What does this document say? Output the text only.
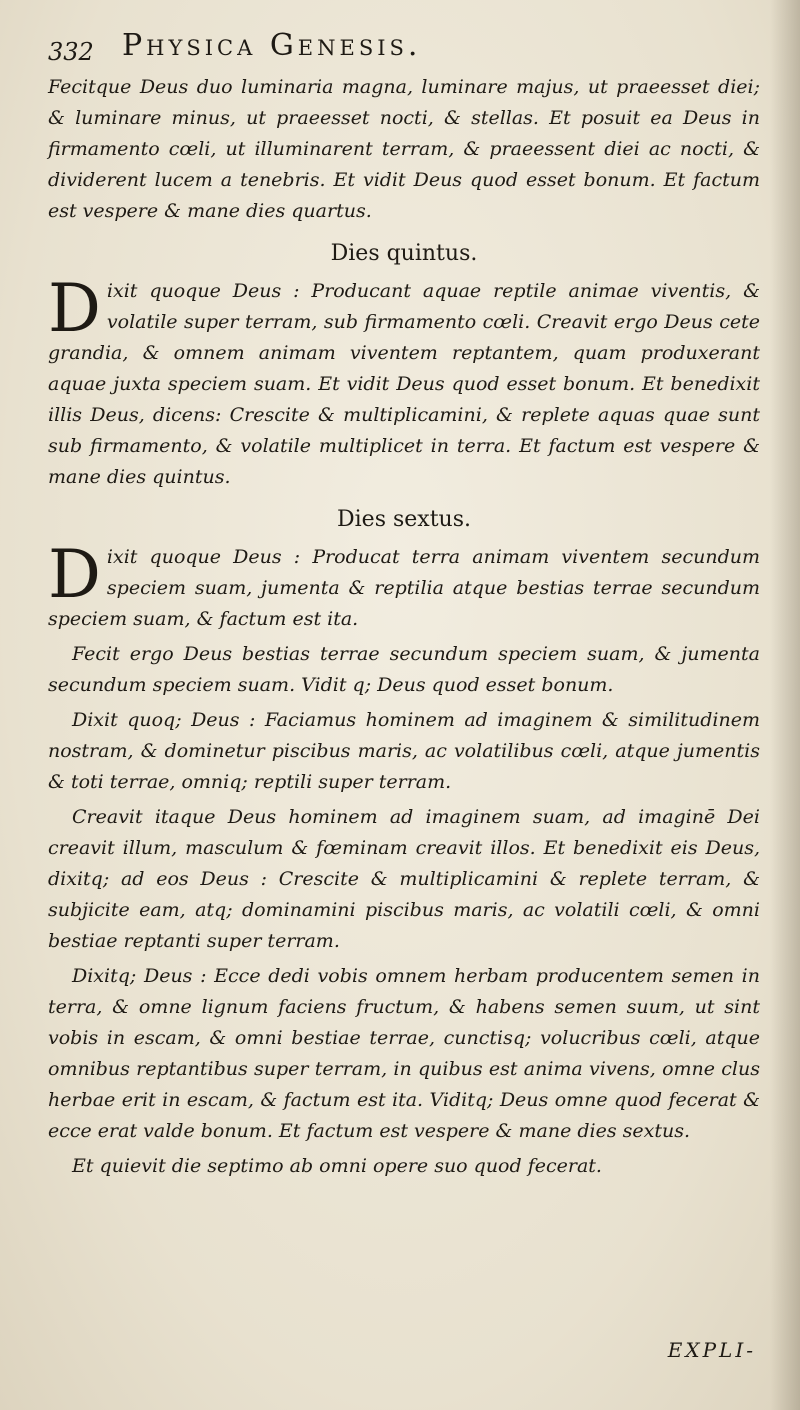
332 Physica Genesis.

Fecitque Deus duo luminaria magna, luminare majus, ut praeesset diei; & luminare minus, ut praeesset nocti, & stellas. Et posuit ea Deus in firmamento cœli, ut illuminarent terram, & praeessent diei ac nocti, & dividerent lucem a tenebris. Et vidit Deus quod esset bonum. Et factum est vespere & mane dies quartus.

Dies quintus.

Dixit quoque Deus : Producant aquae reptile animae viventis, & volatile super terram, sub firmamento cœli. Creavit ergo Deus cete grandia, & omnem animam viventem reptantem, quam produxerant aquae juxta speciem suam. Et vidit Deus quod esset bonum. Et benedixit illis Deus, dicens: Crescite & multiplicamini, & replete aquas quae sunt sub firmamento, & volatile multiplicet in terra. Et factum est vespere & mane dies quintus.

Dies sextus.

Dixit quoque Deus : Producat terra animam viventem secundum speciem suam, jumenta & reptilia atque bestias terrae secundum speciem suam, & factum est ita.

Fecit ergo Deus bestias terrae secundum speciem suam, & jumenta secundum speciem suam. Vidit q; Deus quod esset bonum.

Dixit quoq; Deus : Faciamus hominem ad imaginem & similitudinem nostram, & dominetur piscibus maris, ac volatilibus cœli, atque jumentis & toti terrae, omniq; reptili super terram.

Creavit itaque Deus hominem ad imaginem suam, ad imaginē Dei creavit illum, masculum & fœminam creavit illos. Et benedixit eis Deus, dixitq; ad eos Deus : Crescite & multiplicamini & replete terram, & subjicite eam, atq; dominamini piscibus maris, ac volatili cœli, & omni bestiae reptanti super terram.

Dixitq; Deus : Ecce dedi vobis omnem herbam producentem semen in terra, & omne lignum faciens fructum, & habens semen suum, ut sint vobis in escam, & omni bestiae terrae, cunctisq; volucribus cœli, atque omnibus reptantibus super terram, in quibus est anima vivens, omne clus herbae erit in escam, & factum est ita. Viditq; Deus omne quod fecerat & ecce erat valde bonum. Et factum est vespere & mane dies sextus.

Et quievit die septimo ab omni opere suo quod fecerat.

EXPLI-
